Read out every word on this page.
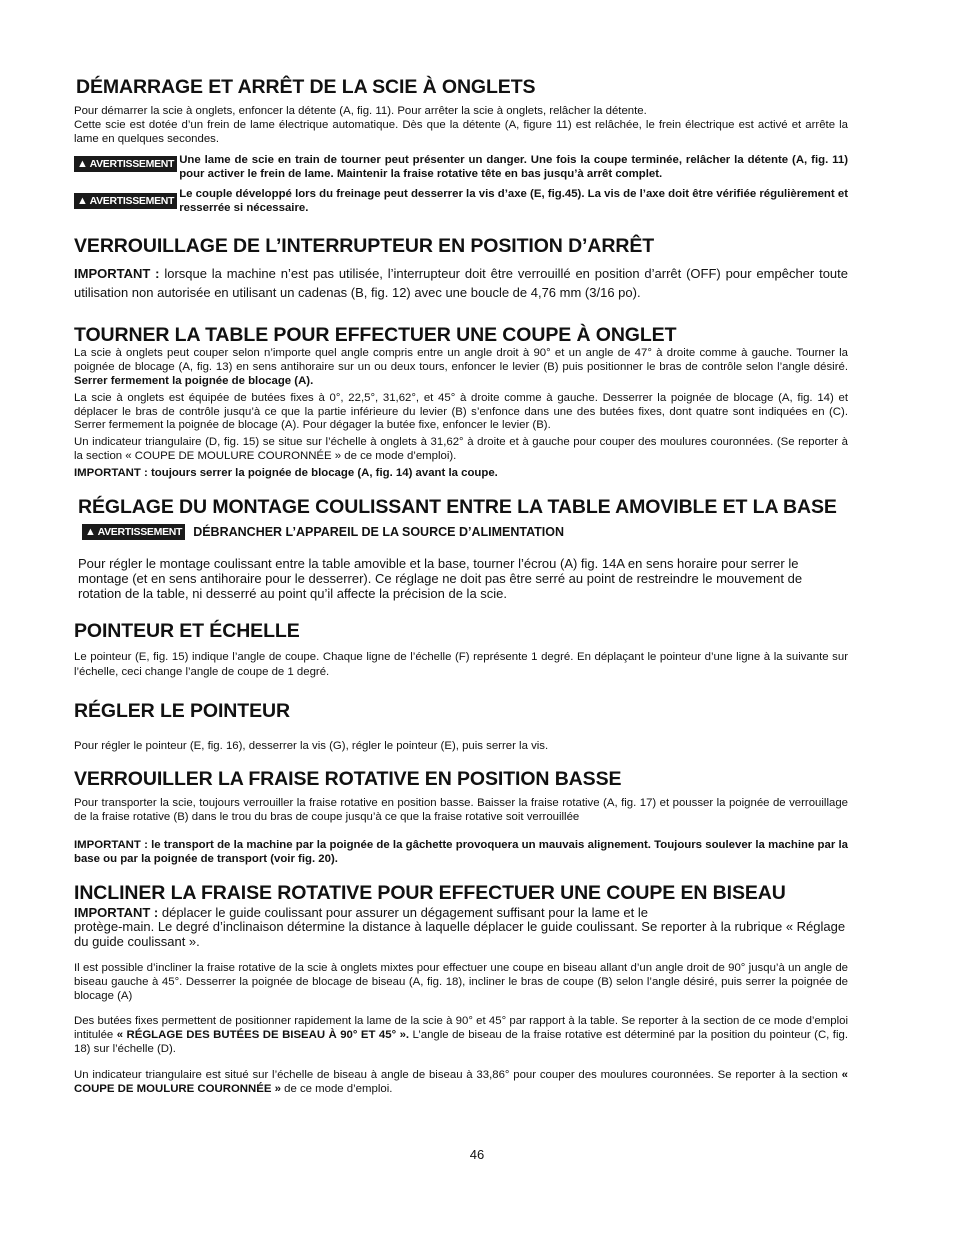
DÉMARRAGE ET ARRÊT DE LA SCIE À ONGLETS

Pour démarrer la scie à onglets, enfoncer la détente (A, fig. 11). Pour arrêter la scie à onglets, relâcher la détente.

Cette scie est dotée d’un frein de lame électrique automatique. Dès que la détente (A, figure 11) est relâchée, le frein électrique est activé et arrête la lame en quelques secondes.

▲ AVERTISSEMENT Une lame de scie en train de tourner peut présenter un danger. Une fois la coupe terminée, relâcher la détente (A, fig. 11) pour activer le frein de lame. Maintenir la fraise rotative tête en bas jusqu’à arrêt complet.
▲ AVERTISSEMENT
Le couple développé lors du freinage peut desserrer la vis d’axe (E, fig.45). La vis de l’axe doit être vérifiée régulièrement et resserrée si nécessaire.
VERROUILLAGE DE L’INTERRUPTEUR EN POSITION D’ARRÊT

IMPORTANT : lorsque la machine n’est pas utilisée, l’interrupteur doit être verrouillé en position d’arrêt (OFF) pour empêcher toute utilisation non autorisée en utilisant un cadenas (B, fig. 12) avec une boucle de 4,76 mm (3/16 po).

TOURNER LA TABLE POUR EFFECTUER UNE COUPE À ONGLET

La scie à onglets peut couper selon n’importe quel angle compris entre un angle droit à 90° et un angle de 47° à droite comme à gauche. Tourner la poignée de blocage (A, fig. 13) en sens antihoraire sur un ou deux tours, enfoncer le levier (B) puis positionner le bras de contrôle selon l’angle désiré. Serrer fermement la poignée de blocage (A).

La scie à onglets est équipée de butées fixes à 0°, 22,5°, 31,62°, et 45° à droite comme à gauche. Desserrer la poignée de blocage (A, fig. 14) et déplacer le bras de contrôle jusqu’à ce que la partie inférieure du levier (B) s’enfonce dans une des butées fixes, dont quatre sont indiquées en (C). Serrer fermement la poignée de blocage (A). Pour dégager la butée fixe, enfoncer le levier (B).

Un indicateur triangulaire (D, fig. 15) se situe sur l’échelle à onglets à 31,62° à droite et à gauche pour couper des moulures couronnées. (Se reporter à la section « COUPE DE MOULURE COURONNÉE » de ce mode d’emploi).

IMPORTANT : toujours serrer la poignée de blocage (A, fig. 14) avant la coupe.

RÉGLAGE DU MONTAGE COULISSANT ENTRE LA TABLE AMOVIBLE ET LA BASE
▲ AVERTISSEMENT DÉBRANCHER L’APPAREIL DE LA SOURCE D’ALIMENTATION

Pour régler le montage coulissant entre la table amovible et la base, tourner l’écrou (A) fig. 14A en sens horaire pour serrer le montage (et en sens antihoraire pour le desserrer). Ce réglage ne doit pas être serré au point de restreindre le mouvement de rotation de la table, ni desserré au point qu’il affecte la précision de la scie.

POINTEUR ET ÉCHELLE

Le pointeur (E, fig. 15) indique l’angle de coupe. Chaque ligne de l’échelle (F) représente 1 degré. En déplaçant le pointeur d’une ligne à la suivante sur l’échelle, ceci change l’angle de coupe de 1 degré.

RÉGLER LE POINTEUR

Pour régler le pointeur (E, fig. 16), desserrer la vis (G), régler le pointeur (E), puis serrer la vis.

VERROUILLER LA FRAISE ROTATIVE EN POSITION BASSE

Pour transporter la scie, toujours verrouiller la fraise rotative en position basse. Baisser la fraise rotative (A, fig. 17) et pousser la poignée de verrouillage de la fraise rotative (B) dans le trou du bras de coupe jusqu’à ce que la fraise rotative soit verrouillée

IMPORTANT : le transport de la machine par la poignée de la gâchette provoquera un mauvais alignement. Toujours soulever la machine par la base ou par la poignée de transport (voir fig. 20).

INCLINER LA FRAISE ROTATIVE POUR EFFECTUER UNE COUPE EN BISEAU

IMPORTANT : déplacer le guide coulissant pour assurer un dégagement suffisant pour la lame et le
protège-main. Le degré d’inclinaison détermine la distance à laquelle déplacer le guide coulissant. Se reporter à la rubrique « Réglage du guide coulissant ».

Il est possible d’incliner la fraise rotative de la scie à onglets mixtes pour effectuer une coupe en biseau allant d’un angle droit de 90° jusqu’à un angle de biseau gauche à 45°. Desserrer la poignée de blocage de biseau (A, fig. 18), incliner le bras de coupe (B) selon l’angle désiré, puis serrer la poignée de blocage (A)

Des butées fixes permettent de positionner rapidement la lame de la scie à 90° et 45° par rapport à la table. Se reporter à la section de ce mode d’emploi intitulée « RÉGLAGE DES BUTÉES DE BISEAU À 90° ET 45° ». L’angle de biseau de la fraise rotative est déterminé par la position du pointeur (C, fig. 18) sur l’échelle (D).

Un indicateur triangulaire est situé sur l’échelle de biseau à angle de biseau à 33,86° pour couper des moulures couronnées. Se reporter à la section « COUPE DE MOULURE COURONNÉE » de ce mode d’emploi.

46
